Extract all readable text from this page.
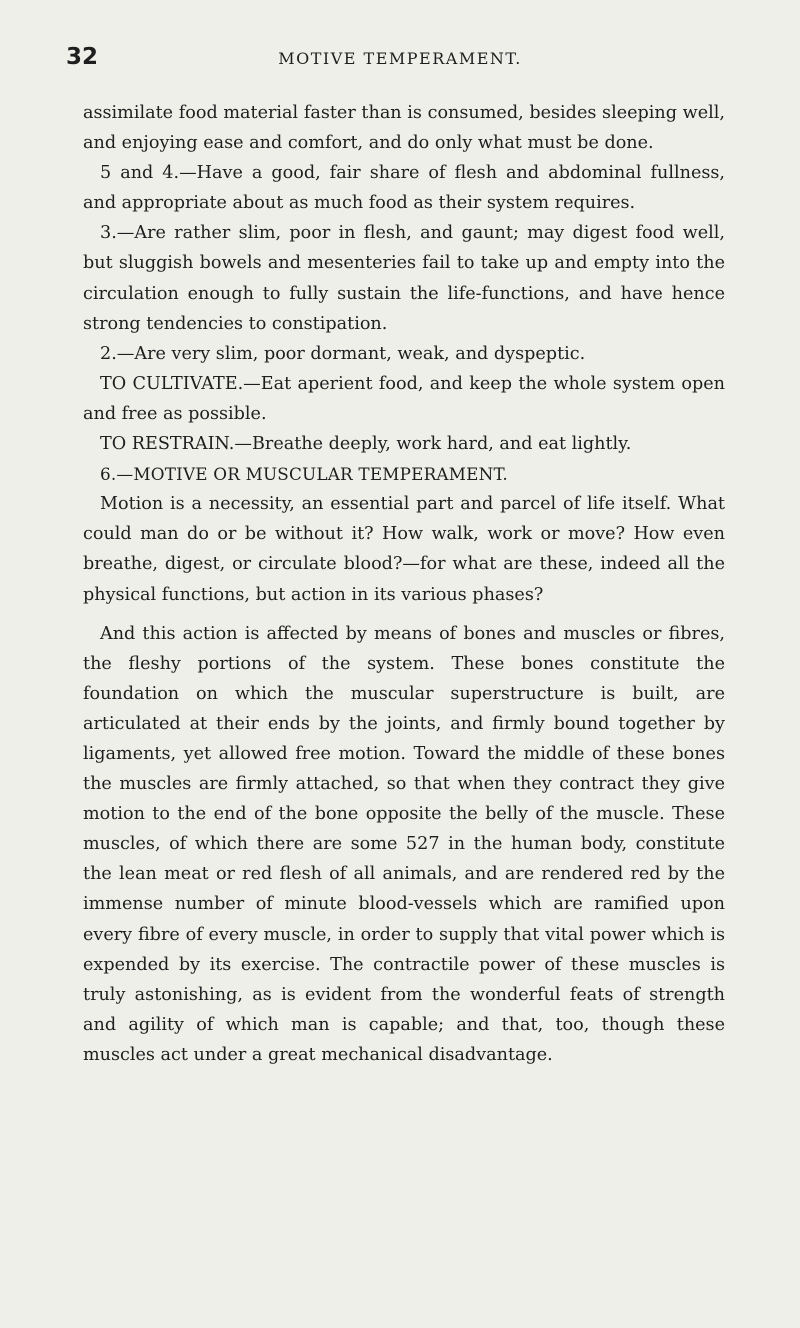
32	MOTIVE TEMPERAMENT.

assimilate food material faster than is consumed, besides sleeping well, and enjoying ease and comfort, and do only what must be done.

5 and 4.—Have a good, fair share of flesh and abdominal fullness, and appropriate about as much food as their system requires.

3.—Are rather slim, poor in flesh, and gaunt; may digest food well, but sluggish bowels and mesenteries fail to take up and empty into the circulation enough to fully sustain the life-functions, and have hence strong tendencies to constipation.

2.—Are very slim, poor dormant, weak, and dyspeptic.

TO CULTIVATE.—Eat aperient food, and keep the whole system open and free as possible.

TO RESTRAIN.—Breathe deeply, work hard, and eat lightly.

6.—MOTIVE OR MUSCULAR TEMPERAMENT.

Motion is a necessity, an essential part and parcel of life itself. What could man do or be without it? How walk, work or move? How even breathe, digest, or circulate blood?—for what are these, indeed all the physical functions, but action in its various phases?

And this action is affected by means of bones and muscles or fibres, the fleshy portions of the system. These bones constitute the foundation on which the muscular superstructure is built, are articulated at their ends by the joints, and firmly bound together by ligaments, yet allowed free motion. Toward the middle of these bones the muscles are firmly attached, so that when they contract they give motion to the end of the bone opposite the belly of the muscle. These muscles, of which there are some 527 in the human body, constitute the lean meat or red flesh of all animals, and are rendered red by the immense number of minute blood-vessels which are ramified upon every fibre of every muscle, in order to supply that vital power which is expended by its exercise. The contractile power of these muscles is truly astonishing, as is evident from the wonderful feats of strength and agility of which man is capable; and that, too, though these muscles act under a great mechanical disadvantage.
